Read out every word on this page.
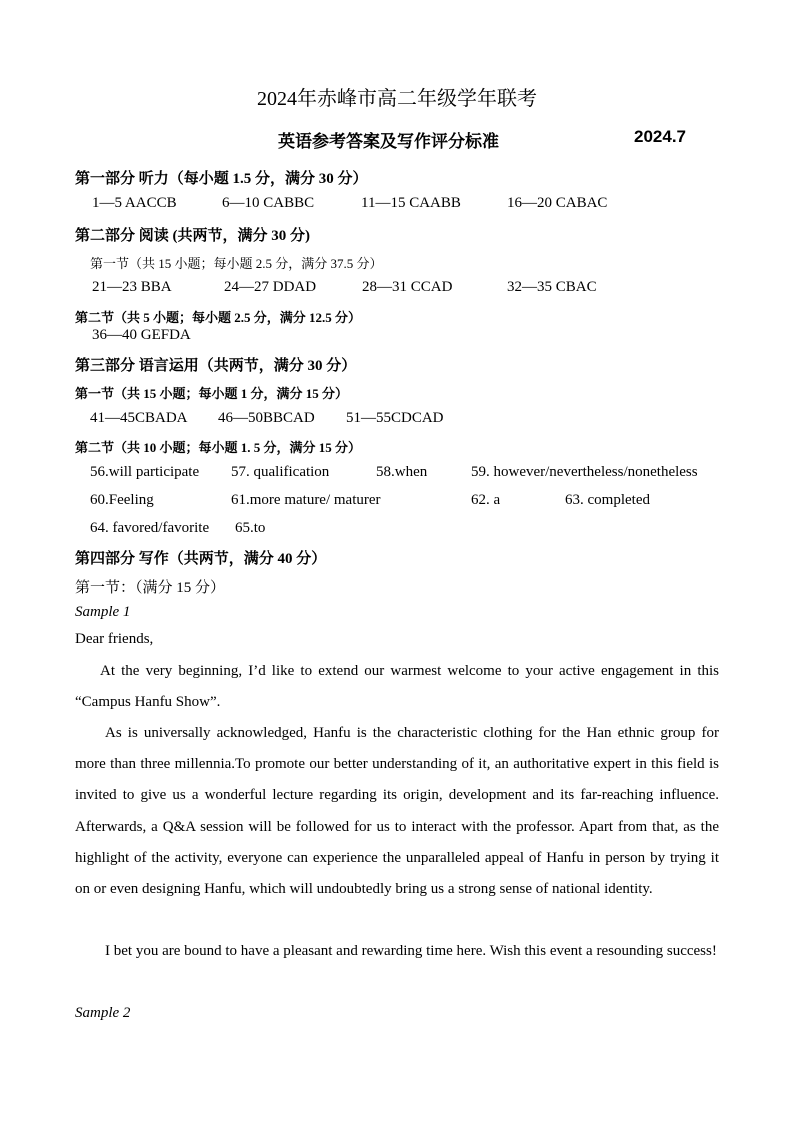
2024年赤峰市高二年级学年联考
英语参考答案及写作评分标准	2024.7
第一部分 听力（每小题 1.5 分，满分 30 分）
1—5 AACCB	6—10 CABBC	11—15 CAABB	16—20 CABAC
第二部分 阅读 (共两节，满分 30 分)
第一节（共 15 小题；每小题 2.5 分，满分 37.5 分）
21—23 BBA	24—27 DDAD	28—31 CCAD	32—35 CBAC
第二节（共 5 小题；每小题 2.5 分，满分 12.5 分）
36—40 GEFDA
第三部分 语言运用（共两节，满分 30 分）
第一节（共 15 小题；每小题 1 分，满分 15 分）
41—45CBADA 46—50BBCAD 51—55CDCAD
第二节（共 10 小题；每小题 1. 5 分，满分 15 分）
56.will participate 57. qualification	58.when	59. however/nevertheless/nonetheless
60.Feeling	61.more mature/ maturer	62. a	63. completed
64. favored/favorite 65.to
第四部分 写作（共两节，满分 40 分）
第一节：（满分 15 分）
Sample 1
Dear friends,
At the very beginning, I’d like to extend our warmest welcome to your active engagement in this “Campus Hanfu Show”.
As is universally acknowledged, Hanfu is the characteristic clothing for the Han ethnic group for more than three millennia.To promote our better understanding of it, an authoritative expert in this field is invited to give us a wonderful lecture regarding its origin, development and its far-reaching influence. Afterwards, a Q&A session will be followed for us to interact with the professor. Apart from that, as the highlight of the activity, everyone can experience the unparalleled appeal of Hanfu in person by trying it on or even designing Hanfu, which will undoubtedly bring us a strong sense of national identity.
I bet you are bound to have a pleasant and rewarding time here. Wish this event a resounding success!
Sample 2
